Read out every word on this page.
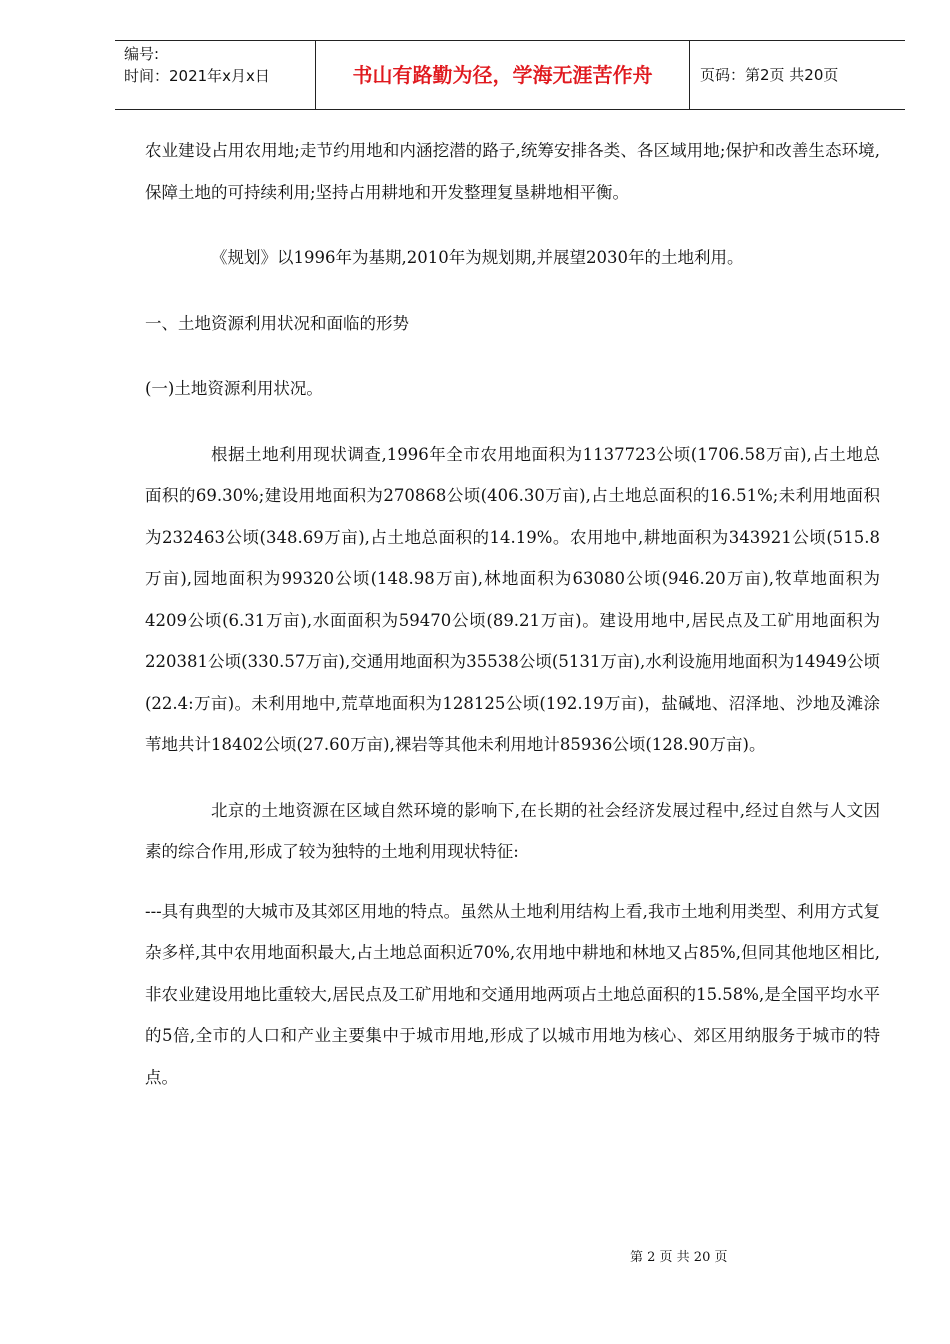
编号:
时间：2021年x月x日	书山有路勤为径，学海无涯苦作舟	页码：第2页 共20页

农业建设占用农用地;走节约用地和内涵挖潜的路子,统筹安排各类、各区域用地;保护和改善生态环境,保障土地的可持续利用;坚持占用耕地和开发整理复垦耕地相平衡。

《规划》以1996年为基期,2010年为规划期,并展望2030年的土地利用。

一、土地资源利用状况和面临的形势

(一)土地资源利用状况。

根据土地利用现状调查,1996年全市农用地面积为1137723公顷(1706.58万亩),占土地总面积的69.30%;建设用地面积为270868公顷(406.30万亩),占土地总面积的16.51%;未利用地面积为232463公顷(348.69万亩),占土地总面积的14.19%。农用地中,耕地面积为343921公顷(515.8万亩),园地面积为99320公顷(148.98万亩),林地面积为63080公顷(946.20万亩),牧草地面积为4209公顷(6.31万亩),水面面积为59470公顷(89.21万亩)。建设用地中,居民点及工矿用地面积为220381公顷(330.57万亩),交通用地面积为35538公顷(5131万亩),水利设施用地面积为14949公顷(22.4:万亩)。未利用地中,荒草地面积为128125公顷(192.19万亩)，盐碱地、沼泽地、沙地及滩涂苇地共计18402公顷(27.60万亩),裸岩等其他未利用地计85936公顷(128.90万亩)。

北京的土地资源在区域自然环境的影响下,在长期的社会经济发展过程中,经过自然与人文因素的综合作用,形成了较为独特的土地利用现状特征:

---具有典型的大城市及其郊区用地的特点。虽然从土地利用结构上看,我市土地利用类型、利用方式复杂多样,其中农用地面积最大,占土地总面积近70%,农用地中耕地和林地又占85%,但同其他地区相比,非农业建设用地比重较大,居民点及工矿用地和交通用地两项占土地总面积的15.58%,是全国平均水平的5倍,全市的人口和产业主要集中于城市用地,形成了以城市用地为核心、郊区用纳服务于城市的特点。

第 2 页 共 20 页
